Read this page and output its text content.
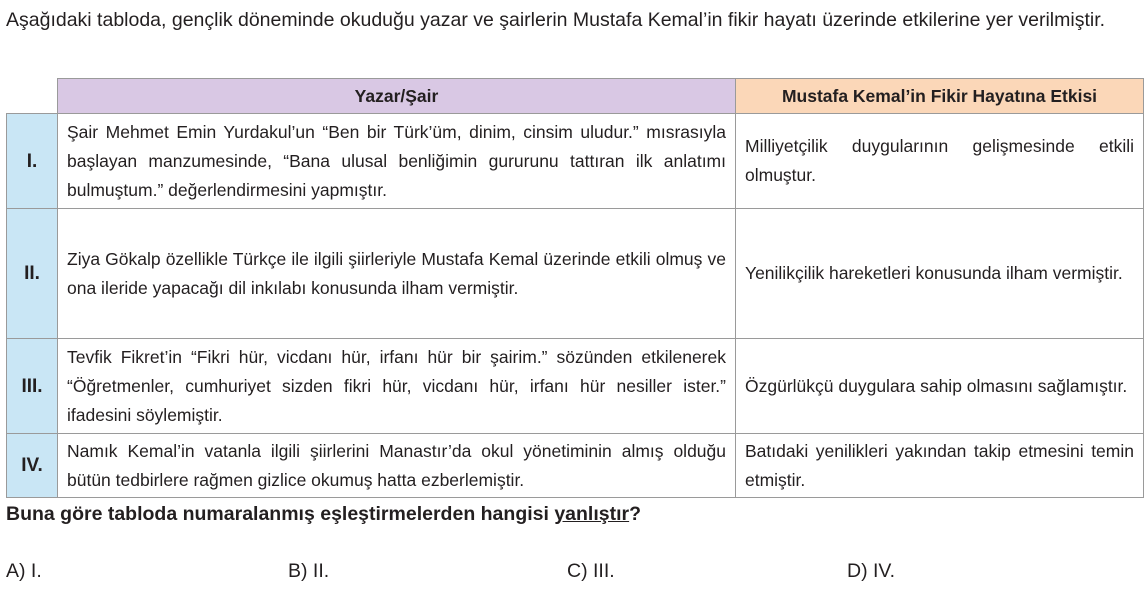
Aşağıdaki tabloda, gençlik döneminde okuduğu yazar ve şairlerin Mustafa Kemal’in fikir hayatı üzerinde etkilerine yer verilmiştir.

	Yazar/Şair	Mustafa Kemal’in Fikir Hayatına Etkisi
I.	Şair Mehmet Emin Yurdakul’un “Ben bir Türk’üm, dinim, cinsim uludur.” mısrasıyla başlayan manzumesinde, “Bana ulusal benliğimin gururunu tattıran ilk anlatımı bulmuştum.” değerlendirmesini yapmıştır.	Milliyetçilik duygularının gelişmesinde etkili olmuştur.
II.	Ziya Gökalp özellikle Türkçe ile ilgili şiirleriyle Mustafa Kemal üzerinde etkili olmuş ve ona ileride yapacağı dil inkılabı konusunda ilham vermiştir.	Yenilikçilik hareketleri konusunda ilham vermiştir.
III.	Tevfik Fikret’in “Fikri hür, vicdanı hür, irfanı hür bir şairim.” sözünden etkilenerek “Öğretmenler, cumhuriyet sizden fikri hür, vicdanı hür, irfanı hür nesiller ister.” ifadesini söylemiştir.	Özgürlükçü duygulara sahip olmasını sağlamıştır.
IV.	Namık Kemal’in vatanla ilgili şiirlerini Manastır’da okul yönetiminin almış olduğu bütün tedbirlere rağmen gizlice okumuş hatta ezberlemiştir.	Batıdaki yenilikleri yakından takip etmesini temin etmiştir.

Buna göre tabloda numaralanmış eşleştirmelerden hangisi yanlıştır?

A) I.	B) II.	C) III.	D) IV.
